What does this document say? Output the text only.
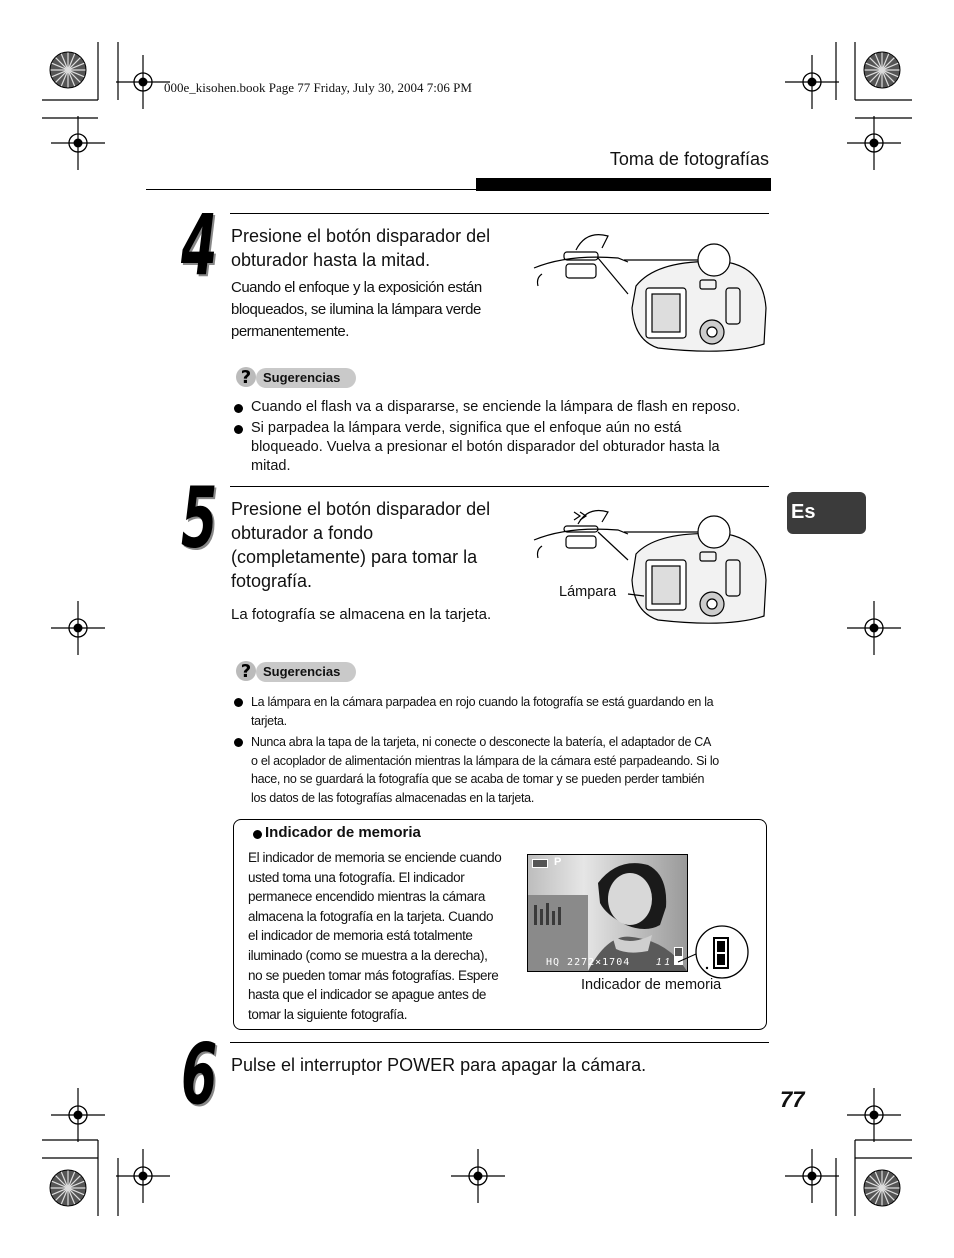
000e_kisohen.book Page 77 Friday, July 30, 2004 7:06 PM
Toma de fotografías
Es
4 Presione el botón disparador del
obturador hasta la mitad.
Cuando el enfoque y la exposición están
bloqueados, se ilumina la lámpara verde
permanentemente.
? Sugerencias
Cuando el flash va a dispararse, se enciende la lámpara de flash en reposo.
Si parpadea la lámpara verde, significa que el enfoque aún no está
bloqueado. Vuelva a presionar el botón disparador del obturador hasta la
mitad.
5 Presione el botón disparador del
obturador a fondo
(completamente) para tomar la
fotografía.
La fotografía se almacena en la tarjeta.
Lámpara
? Sugerencias
La lámpara en la cámara parpadea en rojo cuando la fotografía se está guardando en la
tarjeta.
Nunca abra la tapa de la tarjeta, ni conecte o desconecte la batería, el adaptador de CA
o el acoplador de alimentación mientras la lámpara de la cámara esté parpadeando. Si lo
hace, no se guardará la fotografía que se acaba de tomar y se pueden perder también
los datos de las fotografías almacenadas en la tarjeta.
Indicador de memoria
El indicador de memoria se enciende cuando
usted toma una fotografía. El indicador
permanece encendido mientras la cámara
almacena la fotografía en la tarjeta. Cuando
el indicador de memoria está totalmente
iluminado (como se muestra a la derecha),
no se pueden tomar más fotografías. Espere
hasta que el indicador se apague antes de
tomar la siguiente fotografía.
P
HQ 2272×1704	1 1
Indicador de memoria
6 Pulse el interruptor POWER para apagar la cámara.
77
